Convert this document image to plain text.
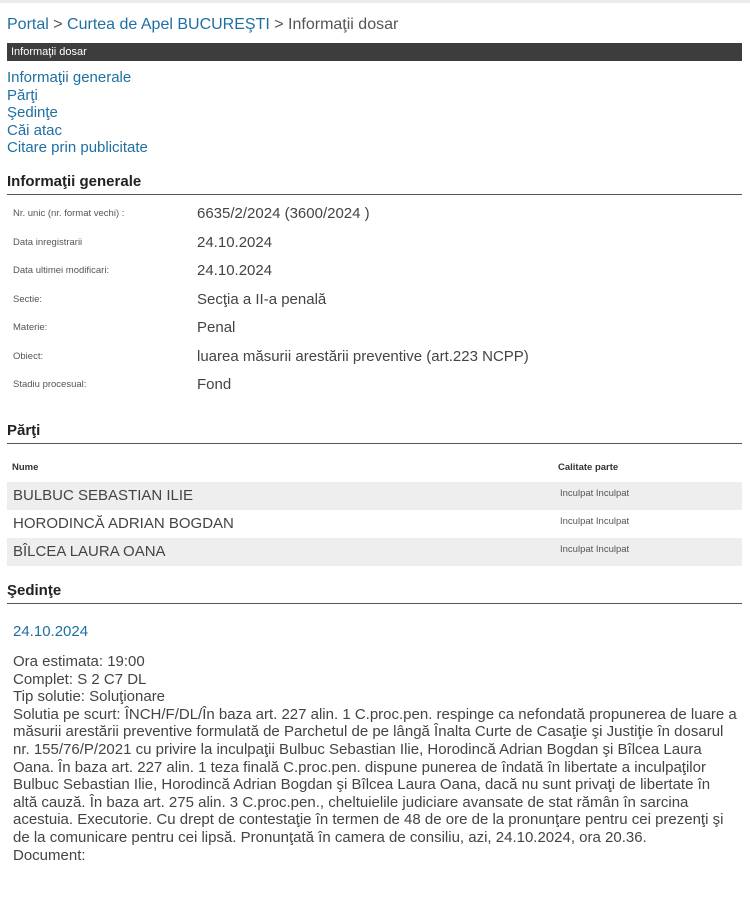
Portal > Curtea de Apel BUCUREŞTI > Informaţii dosar
Informaţii dosar
Informaţii generale
Părţi
Şedinţe
Căi atac
Citare prin publicitate
Informaţii generale
Nr. unic (nr. format vechi) :	6635/2/2024 (3600/2024 )
Data inregistrarii	24.10.2024
Data ultimei modificari:	24.10.2024
Sectie:	Secţia a II-a penală
Materie:	Penal
Obiect:	luarea măsurii arestării preventive (art.223 NCPP)
Stadiu procesual:	Fond
Părţi
Nume	Calitate parte
BULBUC SEBASTIAN ILIE	Inculpat Inculpat
HORODINCĂ ADRIAN BOGDAN	Inculpat Inculpat
BÎLCEA LAURA OANA	Inculpat Inculpat
Şedinţe
24.10.2024
Ora estimata: 19:00
Complet: S 2 C7 DL
Tip solutie: Soluţionare
Solutia pe scurt: ÎNCH/F/DL/În baza art. 227 alin. 1 C.proc.pen. respinge ca nefondată propunerea de luare a măsurii arestării preventive formulată de Parchetul de pe lângă Înalta Curte de Casaţie şi Justiţie în dosarul nr. 155/76/P/2021 cu privire la inculpaţii Bulbuc Sebastian Ilie, Horodincă Adrian Bogdan şi Bîlcea Laura Oana. În baza art. 227 alin. 1 teza finală C.proc.pen. dispune punerea de îndată în libertate a inculpaţilor Bulbuc Sebastian Ilie, Horodincă Adrian Bogdan şi Bîlcea Laura Oana, dacă nu sunt privaţi de libertate în altă cauză. În baza art. 275 alin. 3 C.proc.pen., cheltuielile judiciare avansate de stat rămân în sarcina acestuia. Executorie. Cu drept de contestaţie în termen de 48 de ore de la pronunţare pentru cei prezenţi şi de la comunicare pentru cei lipsă. Pronunţată în camera de consiliu, azi, 24.10.2024, ora 20.36.
Document:
